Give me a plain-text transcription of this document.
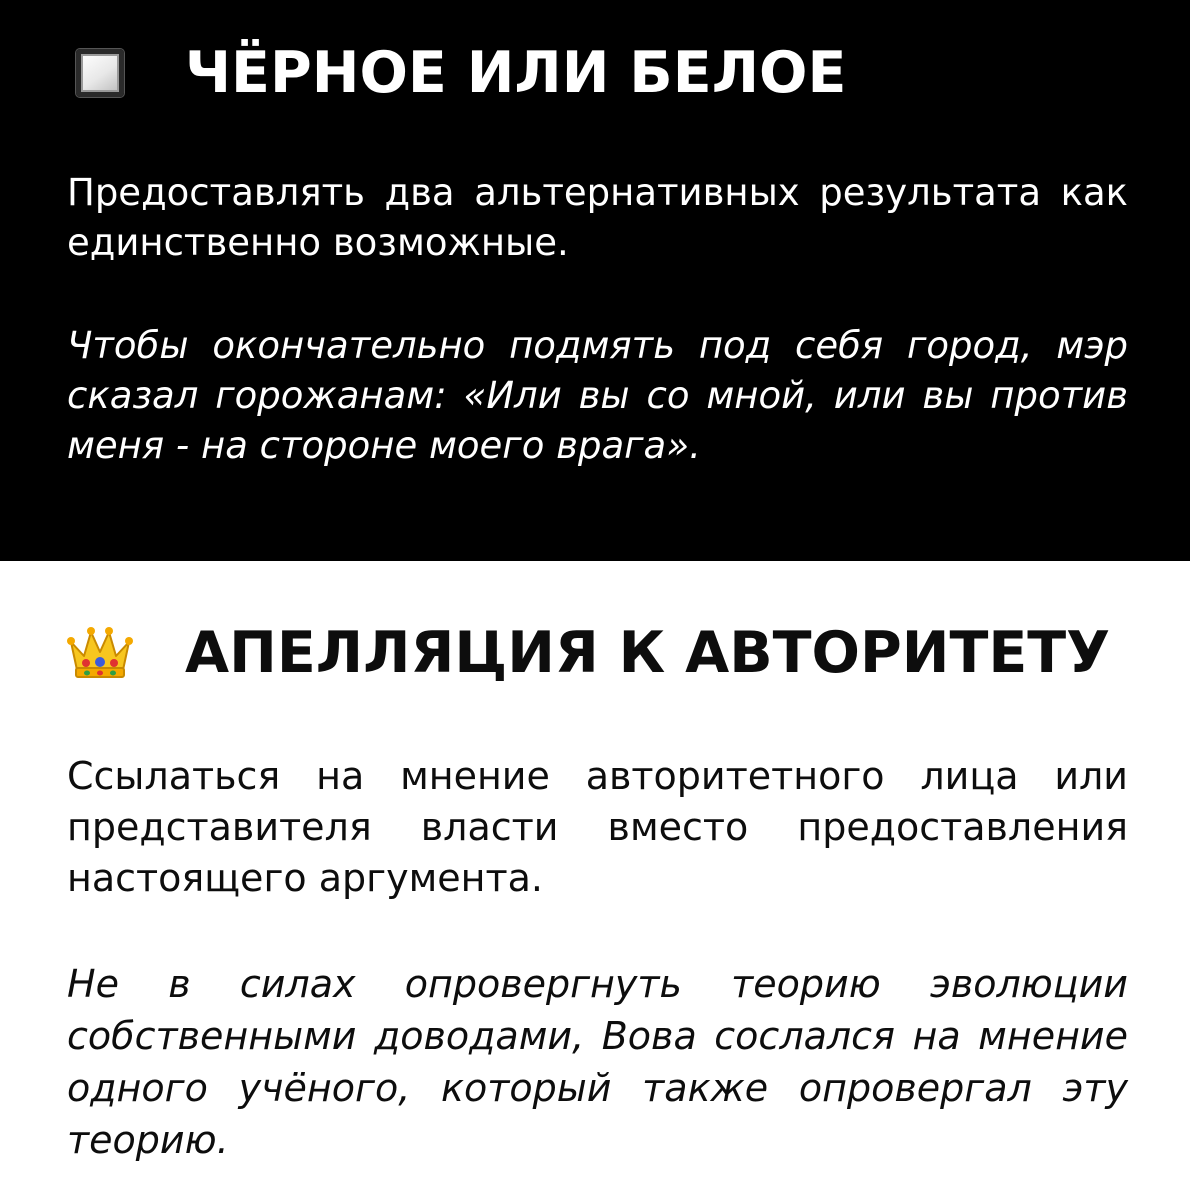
ЧЁРНОЕ ИЛИ БЕЛОЕ

Предоставлять два альтернативных результата как единственно возможные.

Чтобы окончательно подмять под себя город, мэр сказал горожанам: «Или вы со мной, или вы против меня - на стороне моего врага».

АПЕЛЛЯЦИЯ К АВТОРИТЕТУ

Ссылаться на мнение авторитетного лица или представителя власти вместо предоставления настоящего аргумента.

Не в силах опровергнуть теорию эволюции собственными доводами, Вова сослался на мнение одного учёного, который также опровергал эту теорию.
